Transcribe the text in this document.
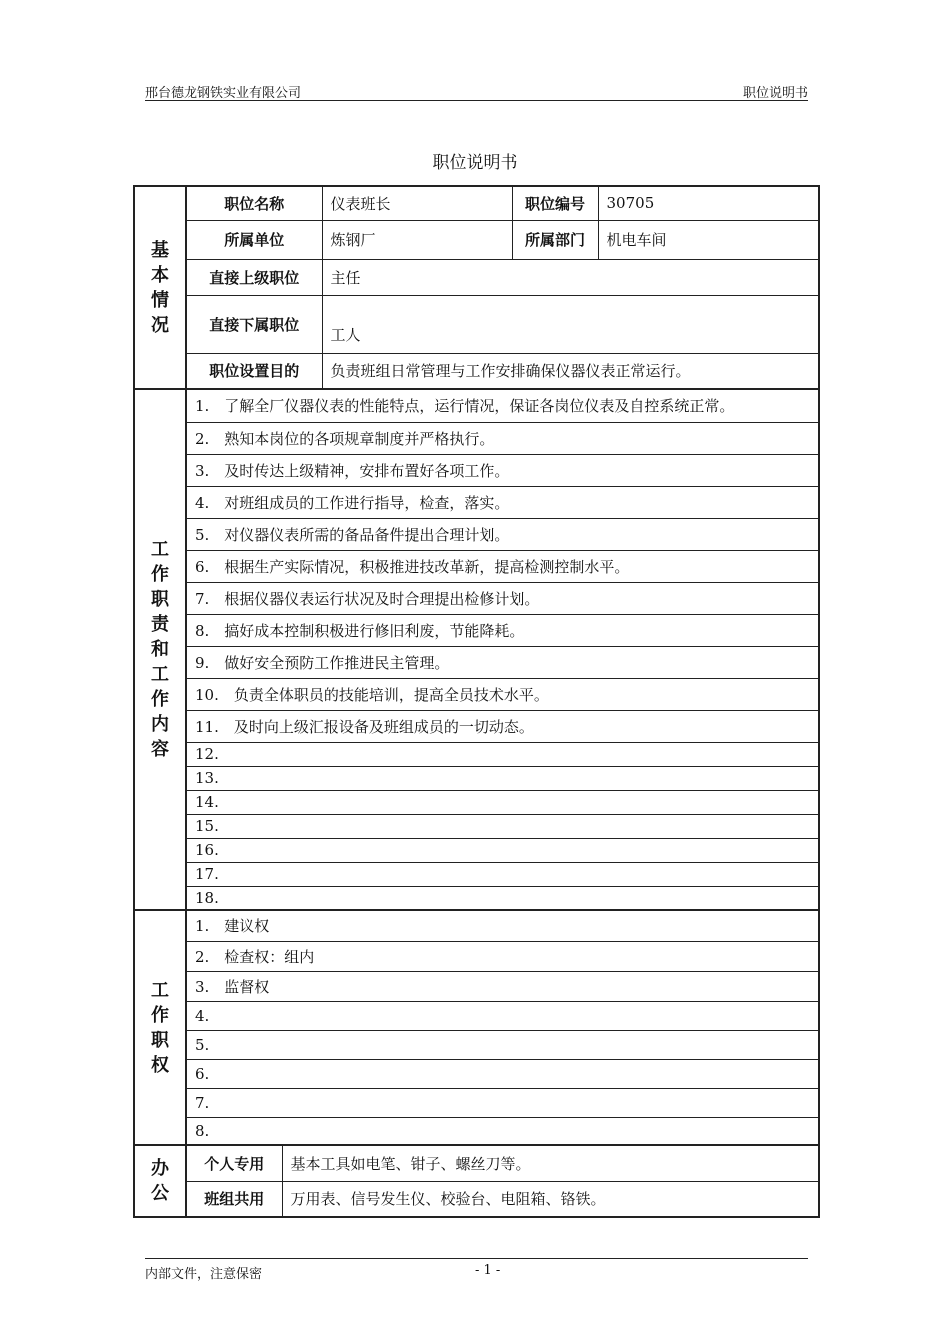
邢台德龙钢铁实业有限公司	职位说明书
职位说明书
基本情况	职位名称		仪表班长	职位编号	30705
	所属单位		炼钢厂	所属部门	机电车间
	直接上级职位		主任		
	直接下属职位		工人		
	职位设置目的		负责班组日常管理与工作安排确保仪器仪表正常运行。		

工作职责和工作内容	1.　了解全厂仪器仪表的性能特点，运行情况，保证各岗位仪表及自控系统正常。				
	2.　熟知本岗位的各项规章制度并严格执行。				
	3.　及时传达上级精神，安排布置好各项工作。				
	4.　对班组成员的工作进行指导，检查，落实。				
	5.　对仪器仪表所需的备品备件提出合理计划。				
	6.　根据生产实际情况，积极推进技改革新，提高检测控制水平。				
	7.　根据仪器仪表运行状况及时合理提出检修计划。				
	8.　搞好成本控制积极进行修旧利废，节能降耗。				
	9.　做好安全预防工作推进民主管理。				
	10.　负责全体职员的技能培训，提高全员技术水平。				
	11.　及时向上级汇报设备及班组成员的一切动态。				
	12.				
	13.				
	14.				
	15.				
	16.				
	17.				
	18.				

工作职权	1.　建议权				
	2.　检查权：组内				
	3.　监督权				
	4.				
	5.				
	6.				
	7.				
	8.				

办公	个人专用	基本工具如电笔、钳子、螺丝刀等。			
	班组共用	万用表、信号发生仪、校验台、电阻箱、铬铁。			
内部文件，注意保密	- 1 -
